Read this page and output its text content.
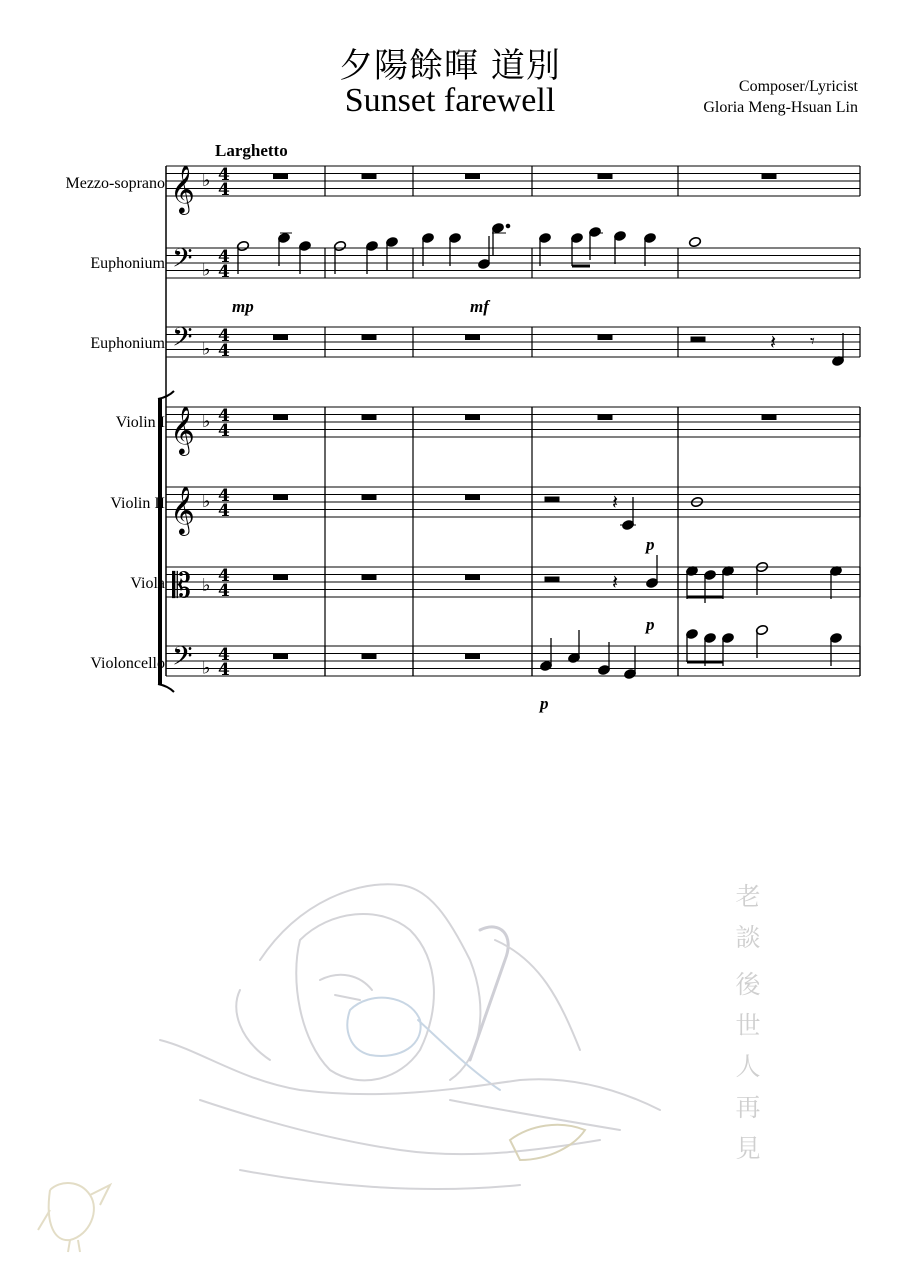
夕陽餘暉 道別
Sunset farewell	Composer/Lyricist
Gloria Meng-Hsuan Lin
Larghetto
Mezzo-soprano
Euphonium
Euphonium
Violin I
Violin II
Viola
Violoncello
𝄞 ♭ 4
4
𝄢 ♭
4
4
𝄢 ♭
4
4
𝄞 ♭ 4
4
𝄞 ♭ 4
4
𝄡 ♭ 4
4
𝄢 ♭
4
4
𝄽 𝄾
𝄽
𝄽
mp	mf
p
p
p
老
談
後
世
人
再
見
